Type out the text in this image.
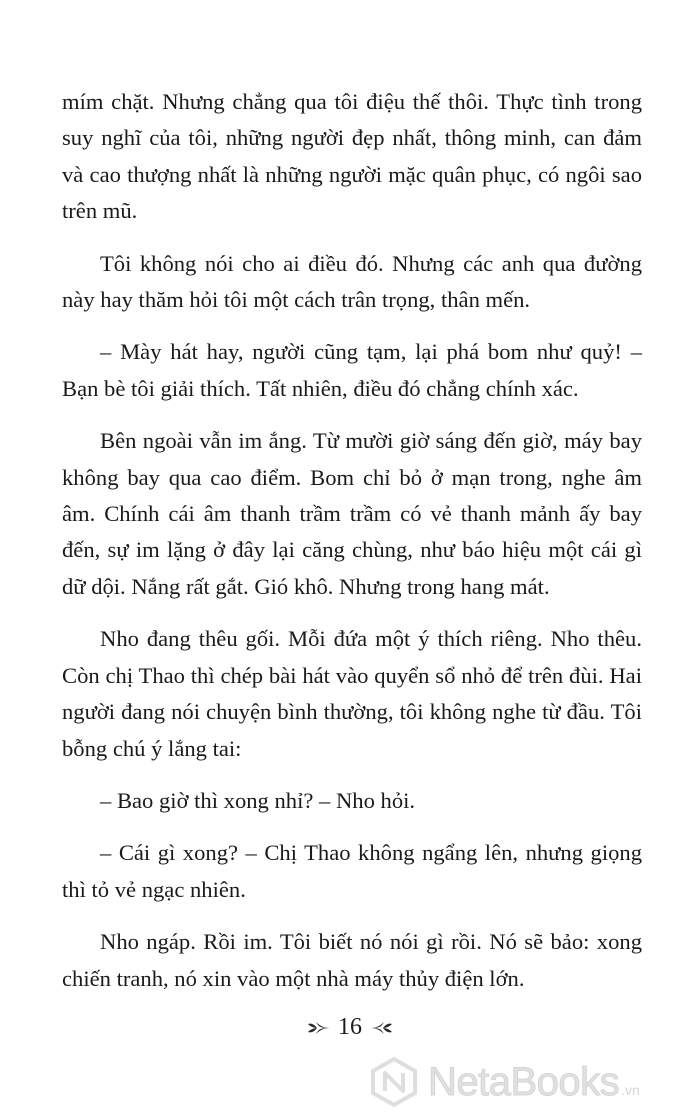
mím chặt. Nhưng chẳng qua tôi điệu thế thôi. Thực tình trong suy nghĩ của tôi, những người đẹp nhất, thông minh, can đảm và cao thượng nhất là những người mặc quân phục, có ngôi sao trên mũ.

Tôi không nói cho ai điều đó. Nhưng các anh qua đường này hay thăm hỏi tôi một cách trân trọng, thân mến.

– Mày hát hay, người cũng tạm, lại phá bom như quỷ! – Bạn bè tôi giải thích. Tất nhiên, điều đó chẳng chính xác.

Bên ngoài vẫn im ắng. Từ mười giờ sáng đến giờ, máy bay không bay qua cao điểm. Bom chỉ bỏ ở mạn trong, nghe âm âm. Chính cái âm thanh trầm trầm có vẻ thanh mảnh ấy bay đến, sự im lặng ở đây lại căng chùng, như báo hiệu một cái gì dữ dội. Nắng rất gắt. Gió khô. Nhưng trong hang mát.

Nho đang thêu gối. Mỗi đứa một ý thích riêng. Nho thêu. Còn chị Thao thì chép bài hát vào quyển sổ nhỏ để trên đùi. Hai người đang nói chuyện bình thường, tôi không nghe từ đầu. Tôi bỗng chú ý lắng tai:

– Bao giờ thì xong nhỉ? – Nho hỏi.

– Cái gì xong? – Chị Thao không ngẩng lên, nhưng giọng thì tỏ vẻ ngạc nhiên.

Nho ngáp. Rồi im. Tôi biết nó nói gì rồi. Nó sẽ bảo: xong chiến tranh, nó xin vào một nhà máy thủy điện lớn.

16
NetaBooks .vn
